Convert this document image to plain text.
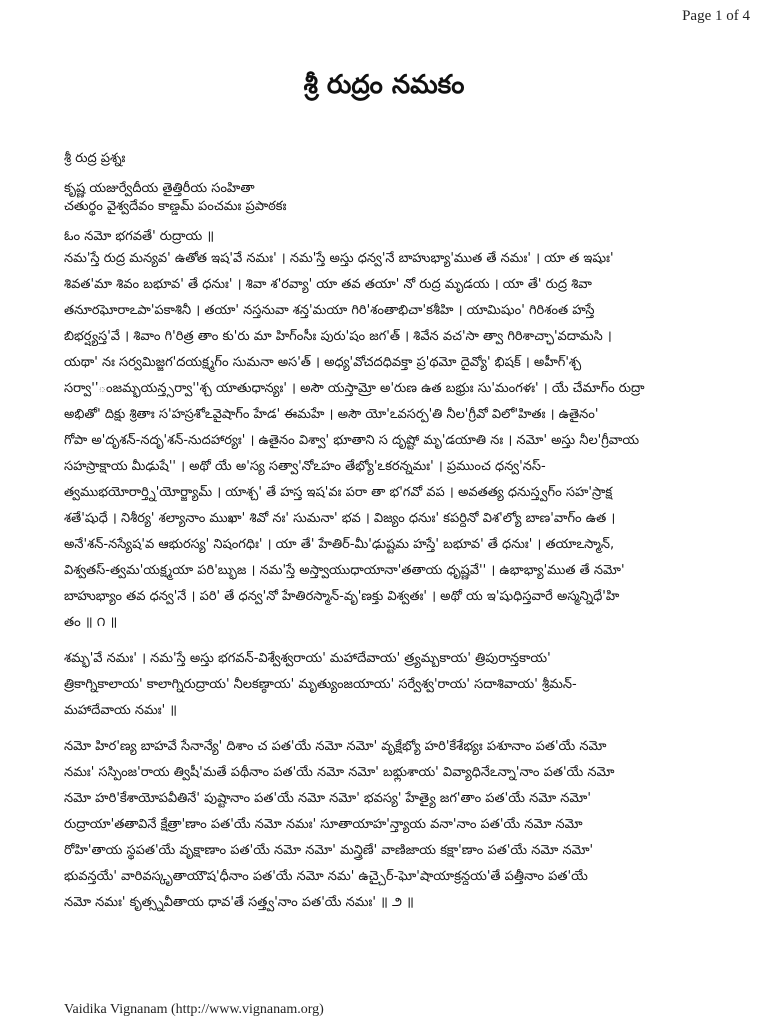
Page 1 of 4
శ్రీ రుద్రం నమకం
శ్రీ రుద్ర ప్రశ్నః
కృష్ణ యజుర్వేదీయ తైత్తిరీయ సంహితా
చతుర్థం వైశ్వదేవం కాణ్డమ్ పంచమః ప్రపాఠకః
ఓం నమో భగవతే' రుద్రాయ ॥
నమ'స్తే రుద్ర మన్యవ' ఉతోత ఇష'వే నమః' । నమ'స్తే అస్తు ధన్వ'నే బాహుభ్యా'ముత తే నమః' । యా త ఇషుః'
శివత'మా శివం బభూవ' తే ధనుః' । శివా శ'రవ్యా' యా తవ తయా' నో రుద్ర మృడయ । యా తే' రుద్ర శివా
తనూరఘోరాఽపా'పకాశినీ । తయా' నస్తనువా శన్త'మయా గిరి'శంతాభిచా'కశీహి । యామిషుం' గిరిశంత హస్తే
బిభర్ష్యస్త'వే । శివాం గి'రిత్ర తాం కు'రు మా హిగ్‍ంసీః పురు'షం జగ'త్ । శివేన వచ'సా త్వా గిరిశాచ్ఛా'వదామసి ।
యథా' నః సర్వమిజ్జగ'దయక్ష్మగ్‍ం సుమనా అస'త్ । అధ్య'వోచదధివక్తా ప్ర'థమో దైవ్యో' భిషక్ । అహీగ్‍'శ్చ
సర్వా''ంజమ్భయన్త్సర్వా''శ్చ యాతుధాన్యః' । అసౌ యస్తామ్రో అ'రుణ ఉత బభ్రుః సు'మంగళః' । యే చేమాగ్‍ం రుద్రా
అభితో' దిక్షు శ్రితాః స'హస్రశోఽవైషాగ్‍ం హేడ' ఈమహే । అసౌ యో'ఽవసర్ప'తి నీల'గ్రీవో విలో'హితః । ఉతైనం'
గోపా అ'దృశన్-నదృ'శన్-నుదహార్యః' । ఉతైనం విశ్వా' భూతాని స దృష్టో మృ'డయాతి నః । నమో' అస్తు నీల'గ్రీవాయ
సహస్రాక్షాయ మీఢుషే'' । అథో యే అ'స్య సత్వా'నోఽహం తేభ్యో'ఽకరన్నమః' । ప్రముంచ ధన్వ'నస్-
త్వముభయోరార్త్ని'యోర్జ్యామ్ । యాశ్చ' తే హస్త ఇష'వః పరా తా భ'గవో వప । అవతత్య ధనుస్త్వగ్‍ం సహ'స్రాక్ష
శతే'షుధే । నిశీర్య' శల్యానాం ముఖా' శివో నః' సుమనా' భవ । విజ్యం ధనుః' కపర్దినో విశ'ల్యో బాణ'వాగ్‍ం ఉత ।
అనే'శన్-నస్యేష'వ ఆభురస్య' నిషంగధిః' । యా తే' హేతిర్-మీ'ఢుష్టమ హస్తే' బభూవ' తే ధనుః' । తయాఽస్మాన్,
విశ్వతస్-త్వమ'యక్ష్మయా పరి'బ్భుజ । నమ'స్తే అస్త్వాయుధాయానా'తతాయ ధృష్ణవే'' । ఉభాభ్యా'ముత తే నమో'
బాహుభ్యాం తవ ధన్వ'నే । పరి' తే ధన్వ'నో హేతిరస్మాన్-వృ'ణక్తు విశ్వతః' । అథో య ఇ'షుధిస్తవారే అస్మన్నిధే'హి
తం ॥ ౧ ॥
శమ్భ'వే నమః' । నమ'స్తే అస్తు భగవన్-విశ్వేశ్వరాయ' మహాదేవాయ' త్ర్యమ్బకాయ' త్రిపురాన్తకాయ'
త్రికాగ్నికాలాయ' కాలాగ్నిరుద్రాయ' నీలకణ్ఠాయ' మృత్యుంజయాయ' సర్వేశ్వ'రాయ' సదాశివాయ' శ్రీమన్-
మహాదేవాయ నమః' ॥
నమో హిర'ణ్య బాహవే సేనాన్యే' దిశాం చ పత'యే నమో నమో' వృక్షేభ్యో హరి'కేశేభ్యః పశూనాం పత'యే నమో
నమః' సస్పింజ'రాయ త్విషీ'మతే పథీనాం పత'యే నమో నమో' బభ్లుశాయ' వివ్యాధినేఽన్నా'నాం పత'యే నమో
నమో హరి'కేశాయోపవీతినే' పుష్టానాం పత'యే నమో నమో' భవస్య' హేత్యై జగ'తాం పత'యే నమో నమో'
రుద్రాయా'తతావినే క్షేత్రా'ణాం పత'యే నమో నమః' సూతాయాహ'న్త్యాయ వనా'నాం పత'యే నమో నమో
రోహి'తాయ స్థపత'యే వృక్షాణాం పత'యే నమో నమో' మన్త్రిణే' వాణిజాయ కక్షా'ణాం పత'యే నమో నమో'
భువన్తయే' వారివస్కృతాయౌష'ధీనాం పత'యే నమో నమ' ఉచ్చైర్-ఘో'షాయాక్రన్దయ'తే పత్తీనాం పత'యే
నమో నమః' కృత్స్నవీతాయ ధావ'తే సత్త్వ'నాం పత'యే నమః' ॥ ౨ ॥
Vaidika Vignanam (http://www.vignanam.org)
